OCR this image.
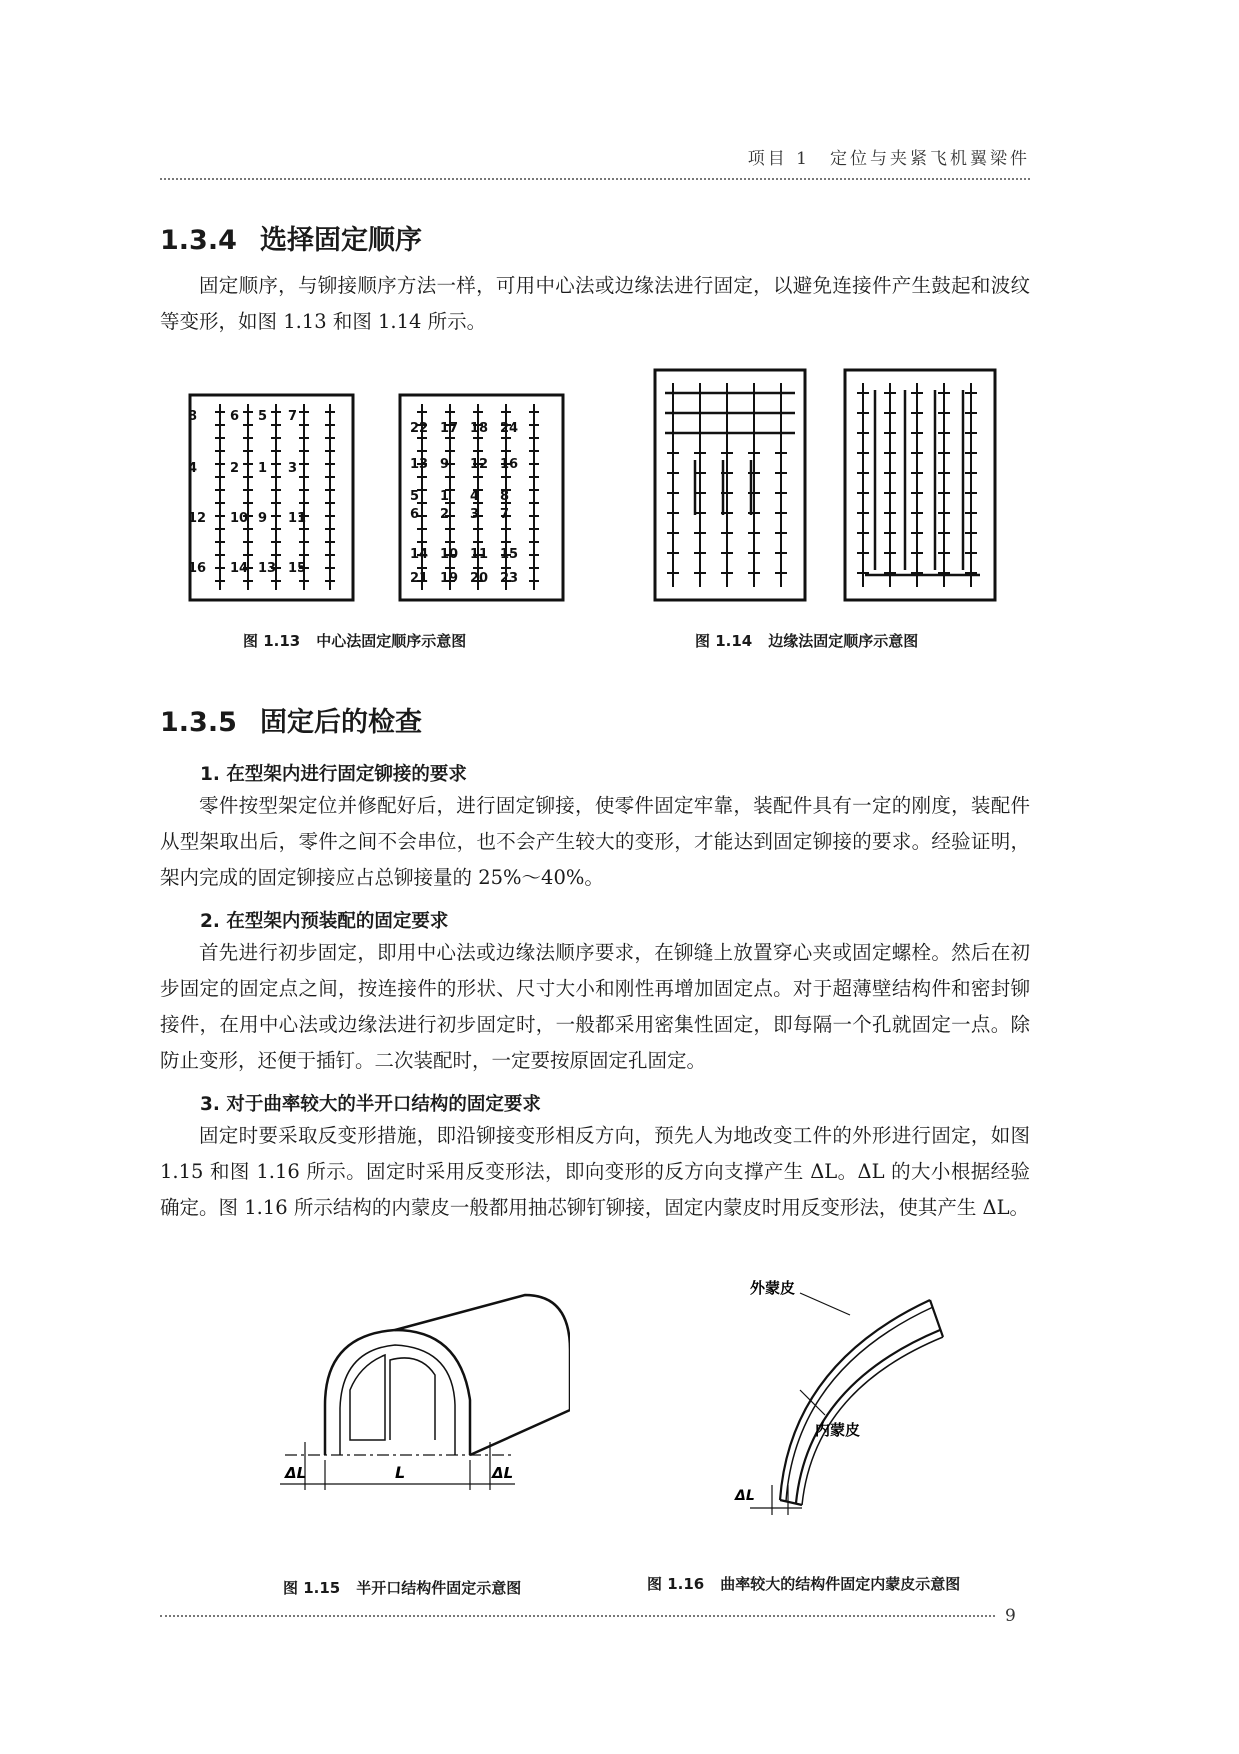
项目 1　定位与夹紧飞机翼梁件
1.3.4 选择固定顺序
固定顺序，与铆接顺序方法一样，可用中心法或边缘法进行固定，以避免连接件产生鼓起和波纹等变形，如图 1.13 和图 1.14 所示。
8	6 5 7
4	2 1 3
12 10 9 11
16 14 13 15
22 17 18 24
13 9 12 16
5 1 4 8
6 2 3 7
14 10 11 15
21 19 20 23
图 1.13 中心法固定顺序示意图	图 1.14 边缘法固定顺序示意图
1.3.5 固定后的检查
1. 在型架内进行固定铆接的要求
零件按型架定位并修配好后，进行固定铆接，使零件固定牢靠，装配件具有一定的刚度，装配件从型架取出后，零件之间不会串位，也不会产生较大的变形，才能达到固定铆接的要求。经验证明，架内完成的固定铆接应占总铆接量的 25%～40%。
2. 在型架内预装配的固定要求
首先进行初步固定，即用中心法或边缘法顺序要求，在铆缝上放置穿心夹或固定螺栓。然后在初步固定的固定点之间，按连接件的形状、尺寸大小和刚性再增加固定点。对于超薄壁结构件和密封铆接件，在用中心法或边缘法进行初步固定时，一般都采用密集性固定，即每隔一个孔就固定一点。除防止变形，还便于插钉。二次装配时，一定要按原固定孔固定。
3. 对于曲率较大的半开口结构的固定要求
固定时要采取反变形措施，即沿铆接变形相反方向，预先人为地改变工件的外形进行固定，如图 1.15 和图 1.16 所示。固定时采用反变形法，即向变形的反方向支撑产生 ΔL。ΔL 的大小根据经验确定。图 1.16 所示结构的内蒙皮一般都用抽芯铆钉铆接，固定内蒙皮时用反变形法，使其产生 ΔL。
ΔL	L	ΔL
图 1.15 半开口结构件固定示意图
外蒙皮
内蒙皮
ΔL
图 1.16 曲率较大的结构件固定内蒙皮示意图
9
